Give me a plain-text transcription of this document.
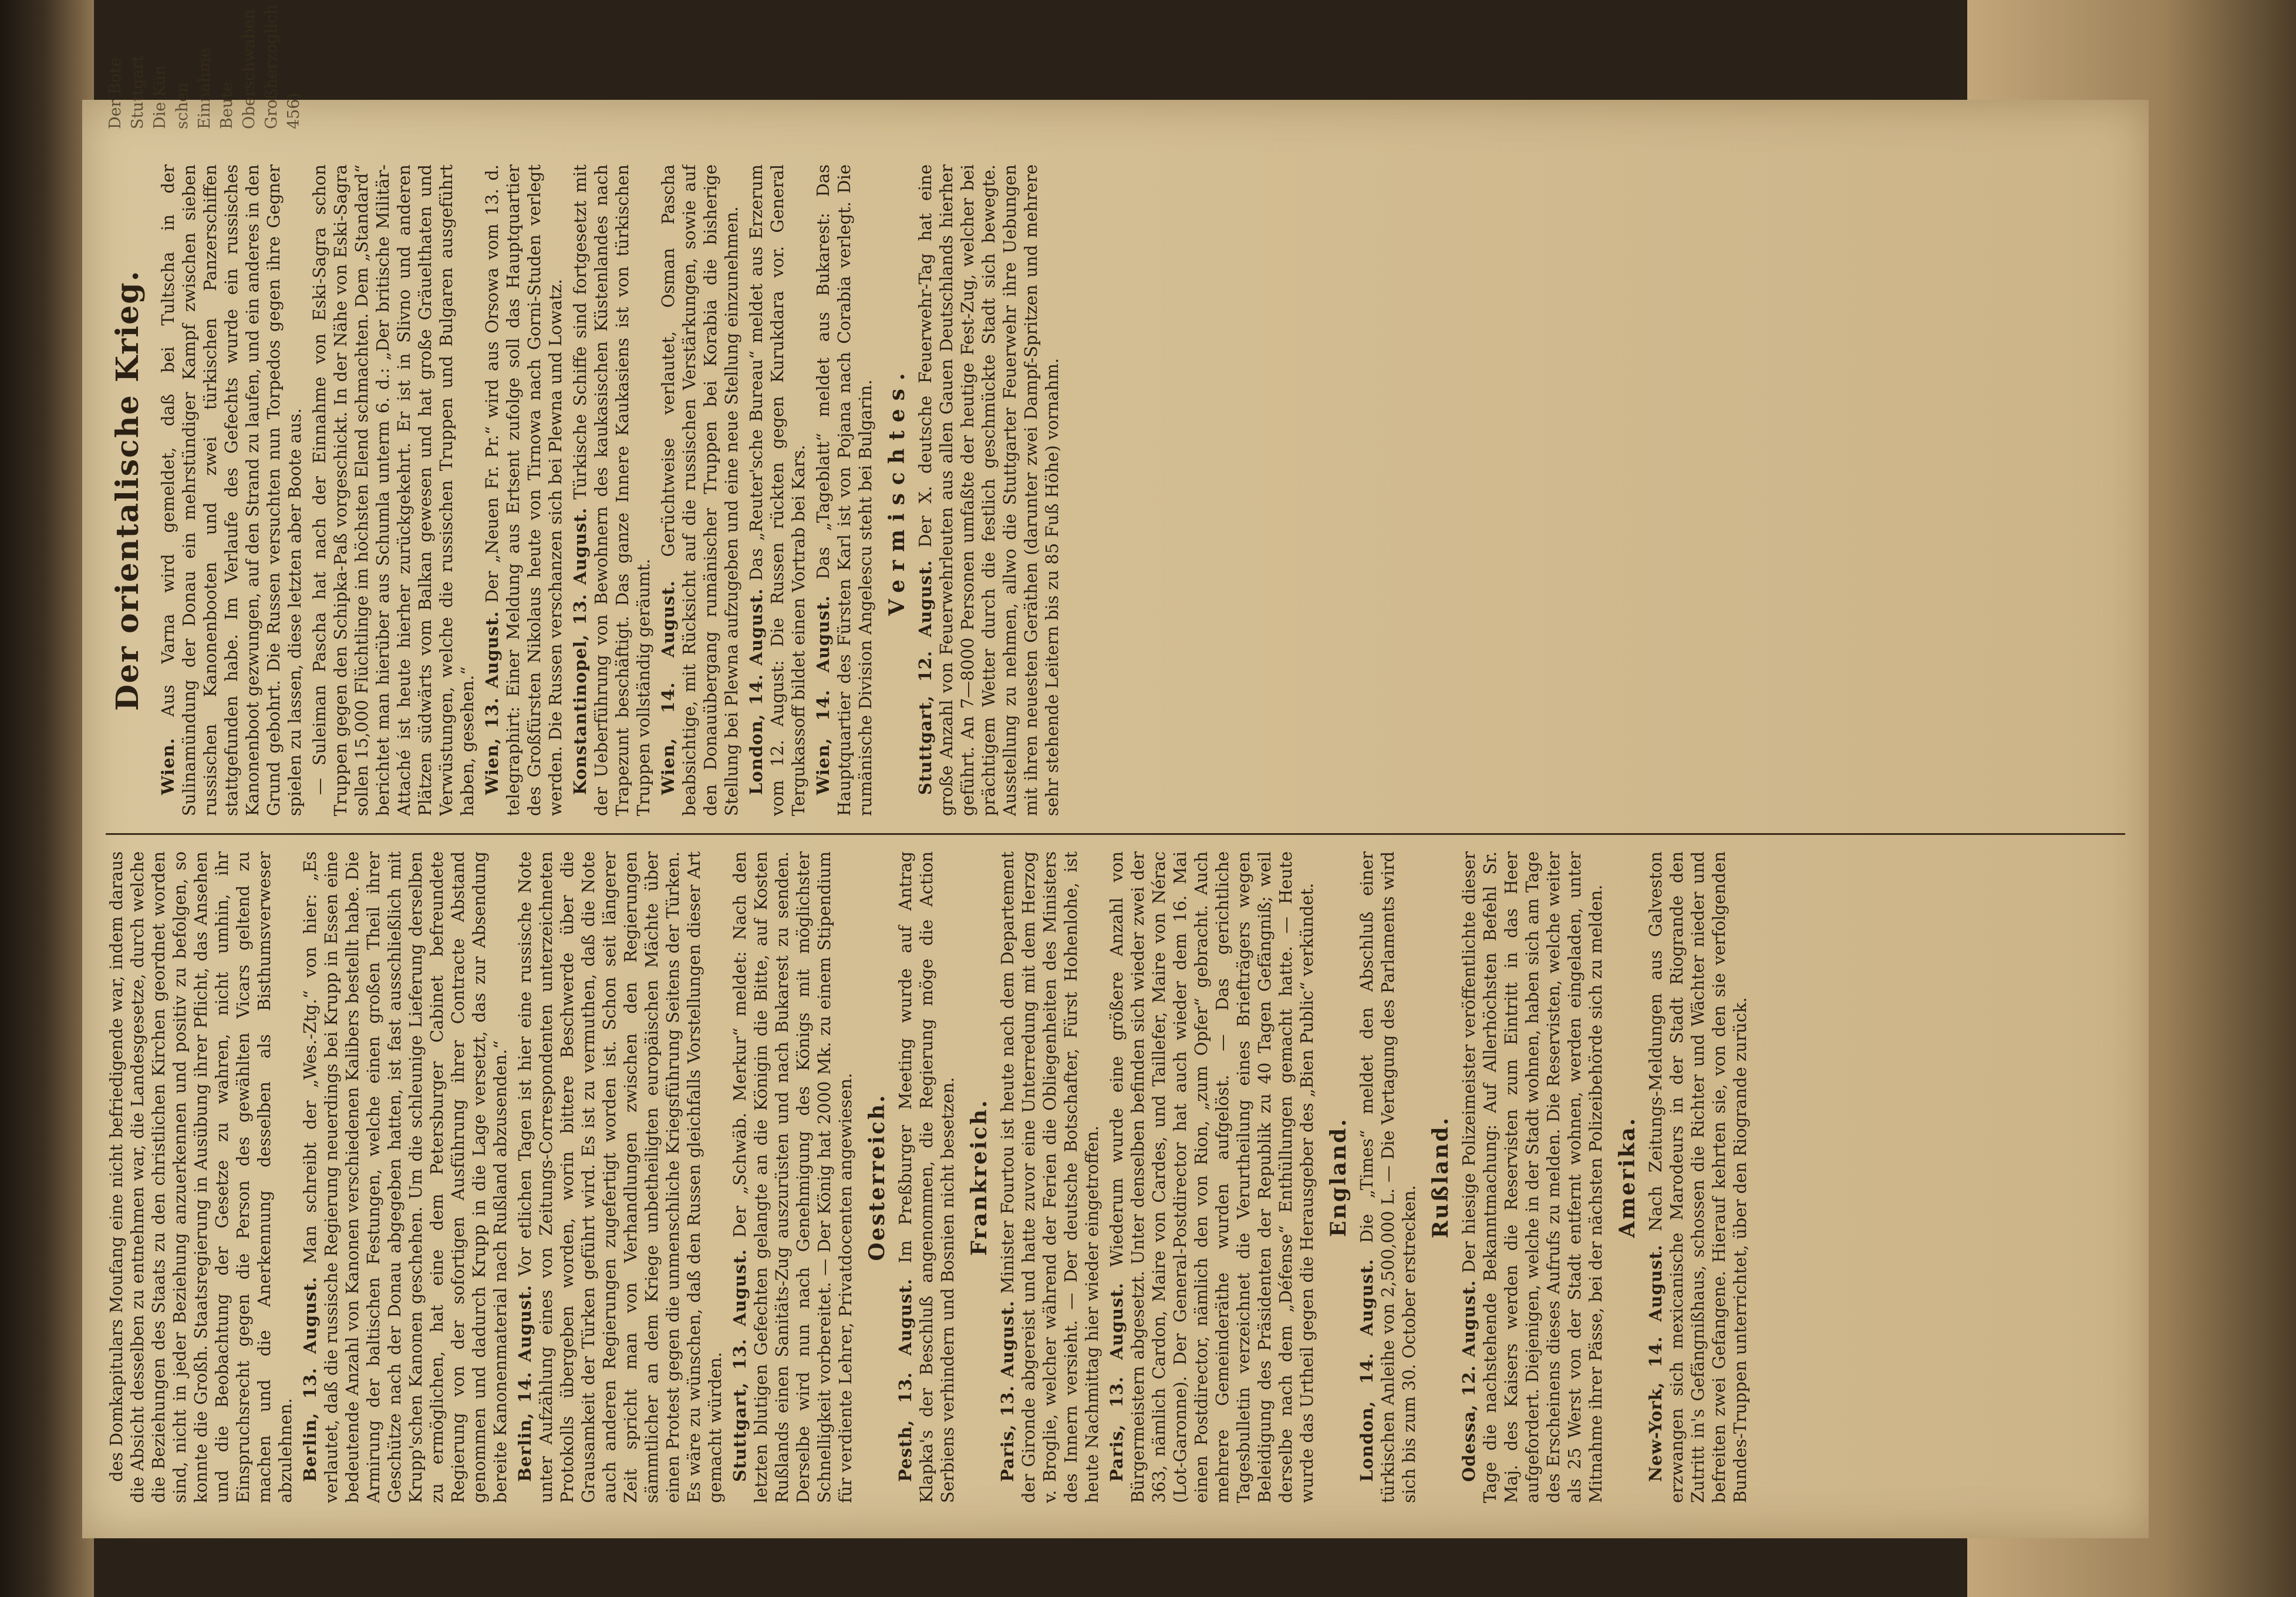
des Domkapitulars Moufang eine nicht befriedigende war, indem daraus die Absicht desselben zu entnehmen war, die Landesgesetze, durch welche die Beziehungen des Staats zu den christlichen Kirchen geordnet worden sind, nicht in jeder Beziehung anzuerkennen und positiv zu befolgen, so konnte die Großh. Staatsregierung in Ausübung ihrer Pflicht, das Ansehen und die Beobachtung der Gesetze zu wahren, nicht umhin, ihr Einspruchsrecht gegen die Person des gewählten Vicars geltend zu machen und die Anerkennung desselben als Bisthumsverweser abzulehnen. Berlin, 13. August. Man schreibt der „Wes.-Ztg.“ von hier: „Es verlautet, daß die russische Regierung neuerdings bei Krupp in Essen eine bedeutende Anzahl von Kanonen verschiedenen Kalibers bestellt habe. Die Armirung der baltischen Festungen, welche einen großen Theil ihrer Geschütze nach der Donau abgegeben hatten, ist fast ausschließlich mit Krupp'schen Kanonen geschehen. Um die schleunige Lieferung derselben zu ermöglichen, hat eine dem Petersburger Cabinet befreundete Regierung von der sofortigen Ausführung ihrer Contracte Abstand genommen und dadurch Krupp in die Lage versetzt, das zur Absendung bereite Kanonenmaterial nach Rußland abzusenden.“ Berlin, 14. August. Vor etlichen Tagen ist hier eine russische Note unter Aufzählung eines von Zeitungs-Correspondenten unterzeichneten Protokolls übergeben worden, worin bittere Beschwerde über die Grausamkeit der Türken geführt wird. Es ist zu vermuthen, daß die Note auch anderen Regierungen zugefertigt worden ist. Schon seit längerer Zeit spricht man von Verhandlungen zwischen den Regierungen sämmtlicher an dem Kriege unbetheiligten europäischen Mächte über einen Protest gegen die unmenschliche Kriegsführung Seitens der Türken. Es wäre zu wünschen, daß den Russen gleichfalls Vorstellungen dieser Art gemacht würden. Stuttgart, 13. August. Der „Schwäb. Merkur“ meldet: Nach den letzten blutigen Gefechten gelangte an die Königin die Bitte, auf Kosten Rußlands einen Sanitäts-Zug auszurüsten und nach Bukarest zu senden. Derselbe wird nun nach Genehmigung des Königs mit möglichster Schnelligkeit vorbereitet. — Der König hat 2000 Mk. zu einem Stipendium für verdiente Lehrer, Privatdocenten angewiesen. Oesterreich.

Pesth, 13. August. Im Preßburger Meeting wurde auf Antrag Klapka's der Beschluß angenommen, die Regierung möge die Action Serbiens verhindern und Bosnien nicht besetzen. Frankreich.

Paris, 13. August. Minister Fourtou ist heute nach dem Departement der Gironde abgereist und hatte zuvor eine Unterredung mit dem Herzog v. Broglie, welcher während der Ferien die Obliegenheiten des Ministers des Innern versieht. — Der deutsche Botschafter, Fürst Hohenlohe, ist heute Nachmittag hier wieder eingetroffen. Paris, 13. August. Wiederum wurde eine größere Anzahl von Bürgermeistern abgesetzt. Unter denselben befinden sich wieder zwei der 363, nämlich Cardon, Maire von Cardes, und Taillefer, Maire von Nérac (Lot-Garonne). Der General-Postdirector hat auch wieder dem 16. Mai einen Postdirector, nämlich den von Rion, „zum Opfer“ gebracht. Auch mehrere Gemeinderäthe wurden aufgelöst. — Das gerichtliche Tagesbulletin verzeichnet die Verurtheilung eines Briefträgers wegen Beleidigung des Präsidenten der Republik zu 40 Tagen Gefängniß; weil derselbe nach dem „Défense“ Enthüllungen gemacht hatte. — Heute wurde das Urtheil gegen die Herausgeber des „Bien Public“ verkündet. England.

London, 14. August. Die „Times“ meldet den Abschluß einer türkischen Anleihe von 2,500,000 L. — Die Vertagung des Parlaments wird sich bis zum 30. October erstrecken.

Rußland.

Odessa, 12. August. Der hiesige Polizeimeister veröffentlichte dieser Tage die nachstehende Bekanntmachung: Auf Allerhöchsten Befehl Sr. Maj. des Kaisers werden die Reservisten zum Eintritt in das Heer aufgefordert. Diejenigen, welche in der Stadt wohnen, haben sich am Tage des Erscheinens dieses Aufrufs zu melden. Die Reservisten, welche weiter als 25 Werst von der Stadt entfernt wohnen, werden eingeladen, unter Mitnahme ihrer Pässe, bei der nächsten Polizeibehörde sich zu melden. Amerika.

New-York, 14. August. Nach Zeitungs-Meldungen aus Galveston erzwangen sich mexicanische Marodeurs in der Stadt Riogrande den Zutritt in's Gefängnißhaus, schossen die Richter und Wächter nieder und befreiten zwei Gefangene. Hierauf kehrten sie, von den sie verfolgenden Bundes-Truppen unterrichtet, über den Riogrande zurück.

Der orientalische Krieg.

Wien. Aus Varna wird gemeldet, daß bei Tultscha in der Sulinamündung der Donau ein mehrstündiger Kampf zwischen sieben russischen Kanonenbooten und zwei türkischen Panzerschiffen stattgefunden habe. Im Verlaufe des Gefechts wurde ein russisches Kanonenboot gezwungen, auf den Strand zu laufen, und ein anderes in den Grund gebohrt. Die Russen versuchten nun Torpedos gegen ihre Gegner spielen zu lassen, diese letzten aber Boote aus. — Suleiman Pascha hat nach der Einnahme von Eski-Sagra schon Truppen gegen den Schipka-Paß vorgeschickt. In der Nähe von Eski-Sagra sollen 15,000 Flüchtlinge im höchsten Elend schmachten. Dem „Standard“ berichtet man hierüber aus Schumla unterm 6. d.: „Der britische Militär-Attaché ist heute hierher zurückgekehrt. Er ist in Slivno und anderen Plätzen südwärts vom Balkan gewesen und hat große Gräuelthaten und Verwüstungen, welche die russischen Truppen und Bulgaren ausgeführt haben, gesehen.“ Wien, 13. August. Der „Neuen Fr. Pr.“ wird aus Orsowa vom 13. d. telegraphirt: Einer Meldung aus Ertsent zufolge soll das Hauptquartier des Großfürsten Nikolaus heute von Tirnowa nach Gorni-Studen verlegt werden. Die Russen verschanzen sich bei Plewna und Lowatz. Konstantinopel, 13. August. Türkische Schiffe sind fortgesetzt mit der Ueberführung von Bewohnern des kaukasischen Küstenlandes nach Trapezunt beschäftigt. Das ganze Innere Kaukasiens ist von türkischen Truppen vollständig geräumt. Wien, 14. August. Gerüchtweise verlautet, Osman Pascha beabsichtige, mit Rücksicht auf die russischen Verstärkungen, sowie auf den Donauübergang rumänischer Truppen bei Korabia die bisherige Stellung bei Plewna aufzugeben und eine neue Stellung einzunehmen. London, 14. August. Das „Reuter'sche Bureau“ meldet aus Erzerum vom 12. August: Die Russen rückten gegen Kurukdara vor. General Tergukassoff bildet einen Vortrab bei Kars. Wien, 14. August. Das „Tageblatt“ meldet aus Bukarest: Das Hauptquartier des Fürsten Karl ist von Pojana nach Corabia verlegt. Die rumänische Division Angelescu steht bei Bulgarin. Vermischtes.

Stuttgart, 12. August. Der X. deutsche Feuerwehr-Tag hat eine große Anzahl von Feuerwehrleuten aus allen Gauen Deutschlands hierher geführt. An 7—8000 Personen umfaßte der heutige Fest-Zug, welcher bei prächtigem Wetter durch die festlich geschmückte Stadt sich bewegte. Ausstellung zu nehmen, allwo die Stuttgarter Feuerwehr ihre Uebungen mit ihren neuesten Geräthen (darunter zwei Dampf-Spritzen und mehrere sehr stehende Leitern bis zu 85 Fuß Höhe) vornahm.

Der Bote Stuttgart Die Kün schen Einnahme Beute Oberschwaben Großherzoglich 456)
